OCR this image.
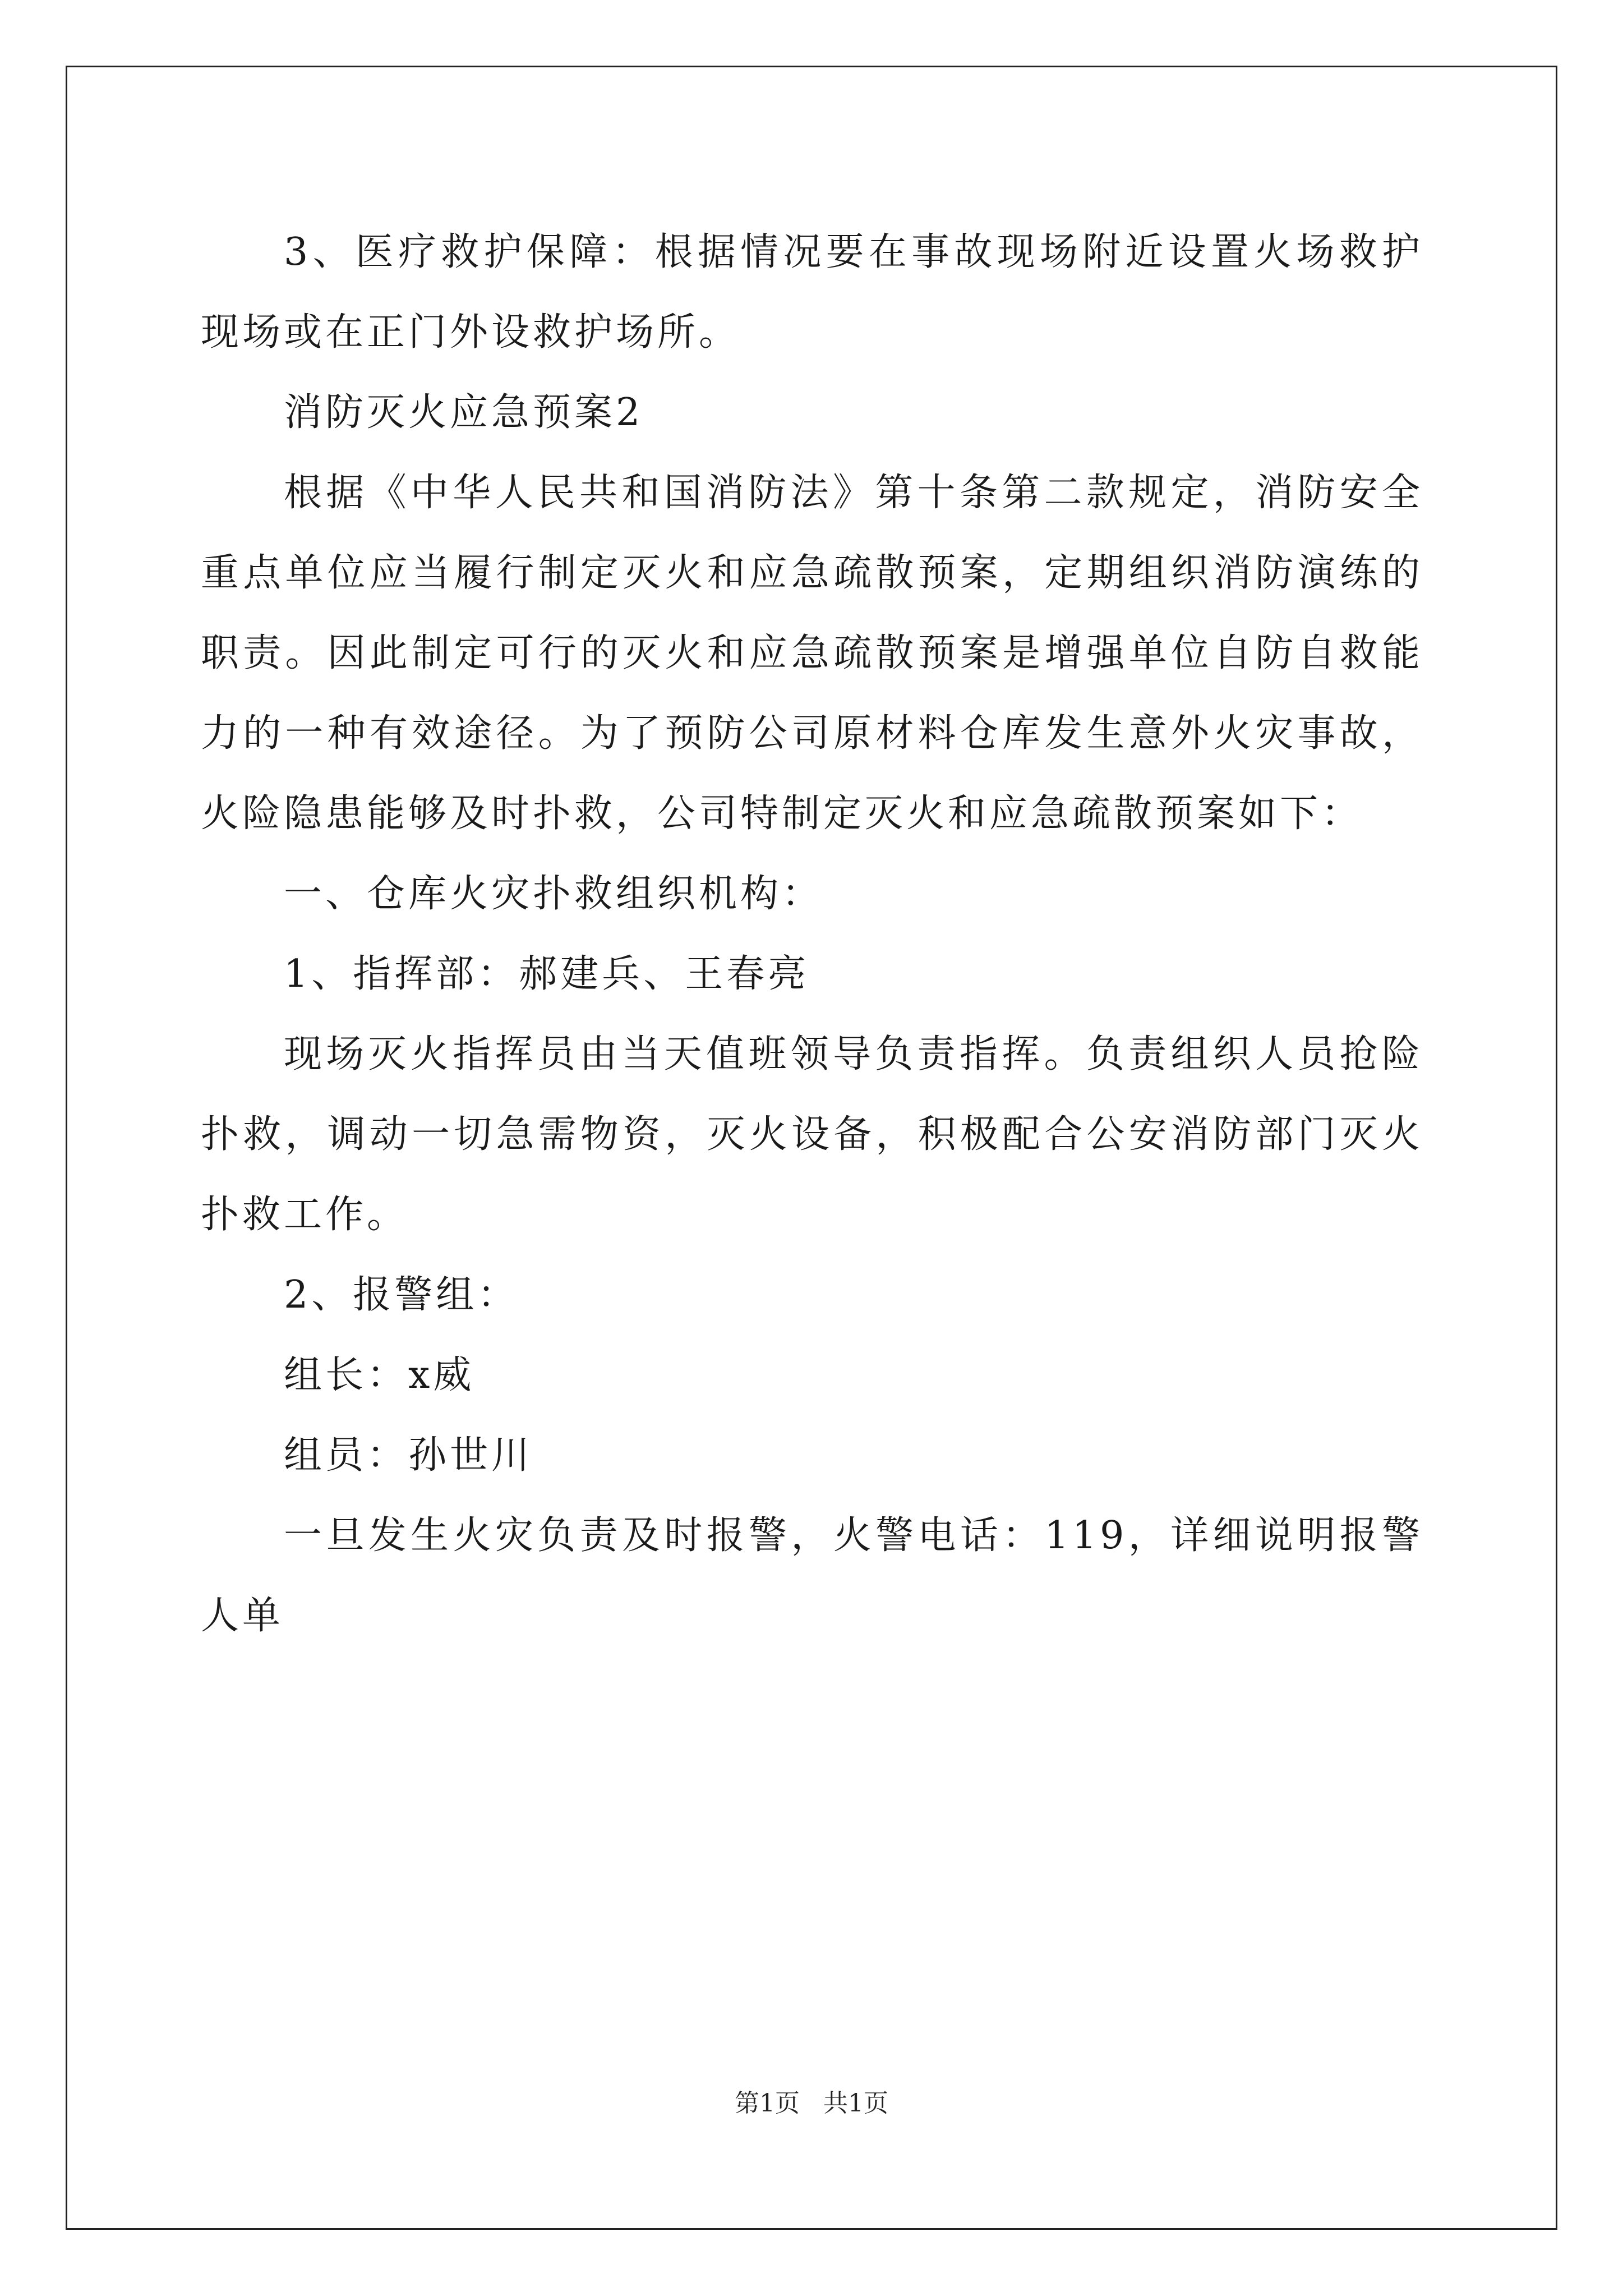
3、医疗救护保障：根据情况要在事故现场附近设置火场救护现场或在正门外设救护场所。

消防灭火应急预案2

根据《中华人民共和国消防法》第十条第二款规定，消防安全重点单位应当履行制定灭火和应急疏散预案，定期组织消防演练的职责。因此制定可行的灭火和应急疏散预案是增强单位自防自救能力的一种有效途径。为了预防公司原材料仓库发生意外火灾事故，火险隐患能够及时扑救，公司特制定灭火和应急疏散预案如下：

一、仓库火灾扑救组织机构：

1、指挥部：郝建兵、王春亮

现场灭火指挥员由当天值班领导负责指挥。负责组织人员抢险扑救，调动一切急需物资，灭火设备，积极配合公安消防部门灭火扑救工作。

2、报警组：

组长：x威

组员：孙世川

一旦发生火灾负责及时报警，火警电话：119，详细说明报警人单

第1页 共1页
